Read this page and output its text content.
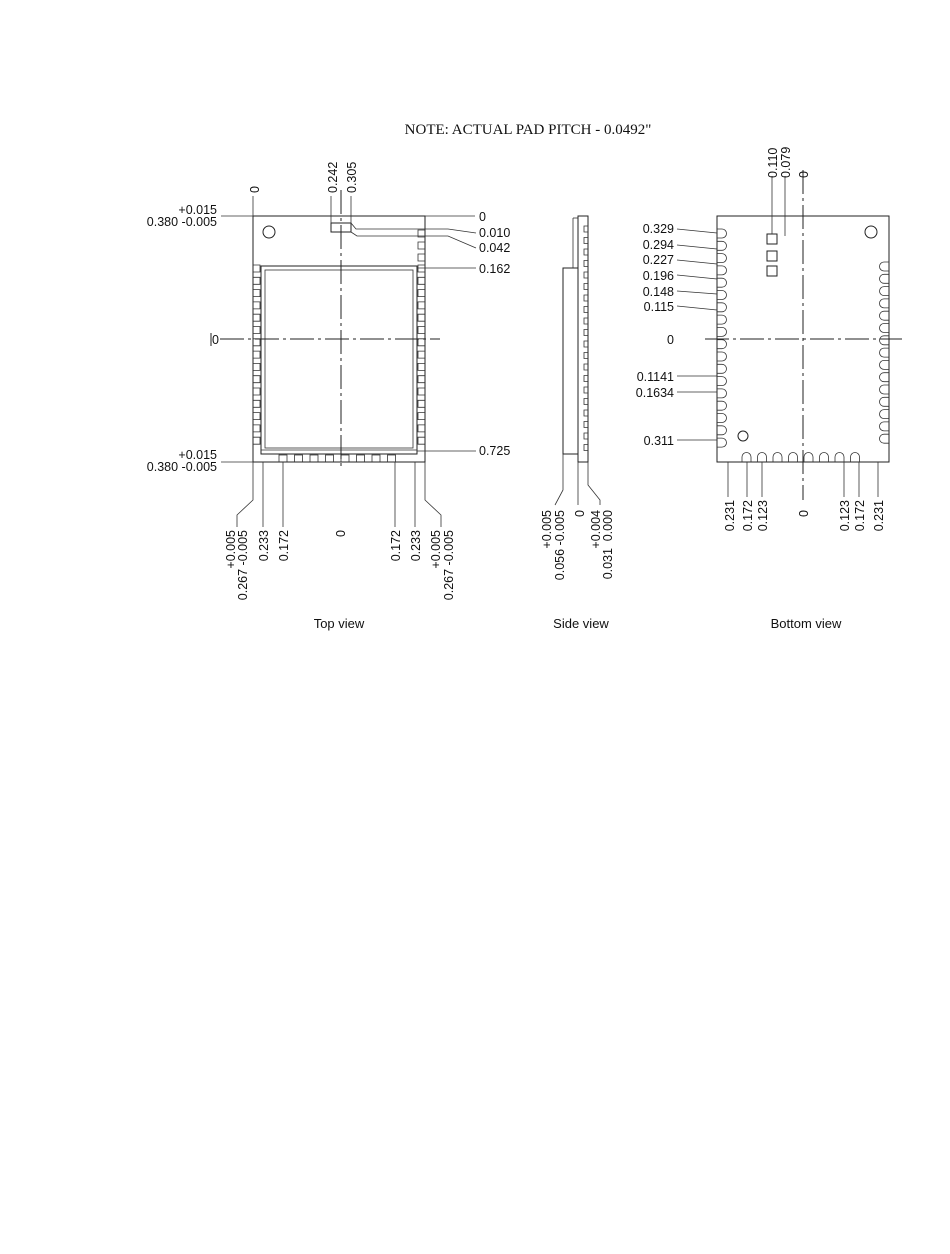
NOTE: ACTUAL PAD PITCH - 0.0492"
0	0.242 0.305
+0.015
0.380 -0.005
+0.015
0.380 -0.005
0
0
0.010
0.042
0.162
0.725
+0.005
0.267 -0.005 0.233 0.172	0	0.172 0.233 +0.005 0.267 -0.005
Top view
+0.005 0.056 -0.005 0 +0.004
0.031
0.000
Side view
0.110 0.079 0
0.329
0.294
0.227
0.196
0.148
0.115
0
0.1141
0.1634
0.311
0.231 0.172 0.123 0 0.123 0.172 0.231
Bottom view
